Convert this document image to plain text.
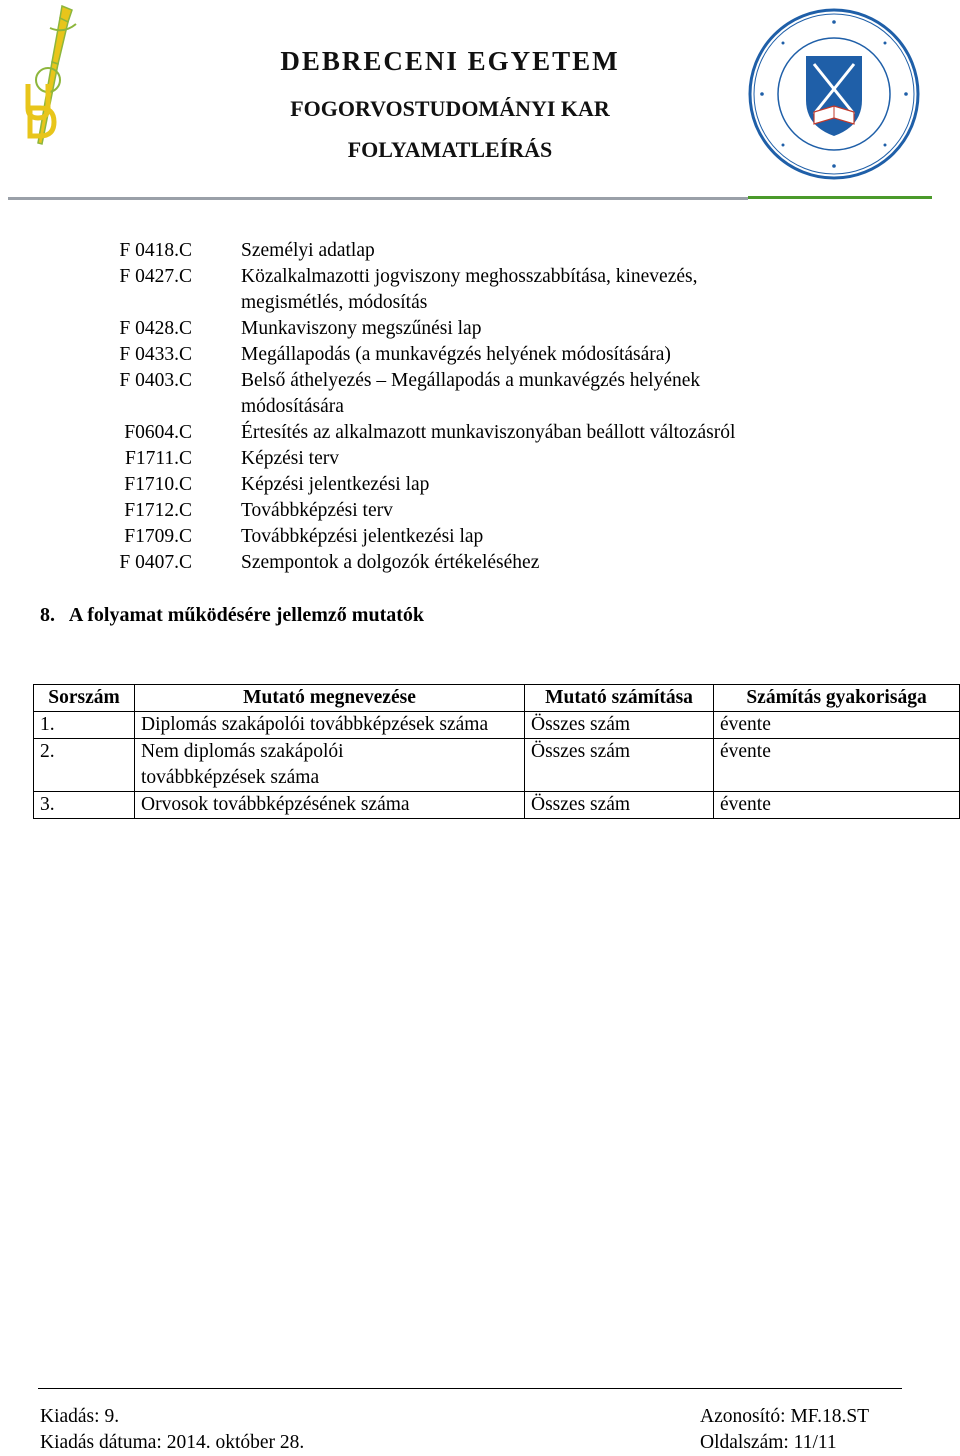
DEBRECENI EGYETEM
FOGORVOSTUDOMÁNYI KAR
FOLYAMATLEÍRÁS
F 0418.C	Személyi adatlap
F 0427.C	Közalkalmazotti jogviszony meghosszabbítása, kinevezés, megismétlés, módosítás
F 0428.C	Munkaviszony megszűnési lap
F 0433.C	Megállapodás (a munkavégzés helyének módosítására)
F 0403.C	Belső áthelyezés – Megállapodás a munkavégzés helyének módosítására
F0604.C	Értesítés az alkalmazott munkaviszonyában beállott változásról
F1711.C	Képzési terv
F1710.C	Képzési jelentkezési lap
F1712.C	Továbbképzési terv
F1709.C	Továbbképzési jelentkezési lap
F 0407.C	Szempontok a dolgozók értékeléséhez
8.   A folyamat működésére jellemző mutatók
Sorszám	Mutató megnevezése	Mutató számítása	Számítás gyakorisága
1.	Diplomás szakápolói továbbképzések száma	Összes szám	évente
2.	Nem diplomás szakápolói továbbképzések száma	Összes szám	évente
3.	Orvosok továbbképzésének száma	Összes szám	évente
Kiadás: 9.
Kiadás dátuma: 2014. október 28.
Azonosító: MF.18.ST
Oldalszám: 11/11
